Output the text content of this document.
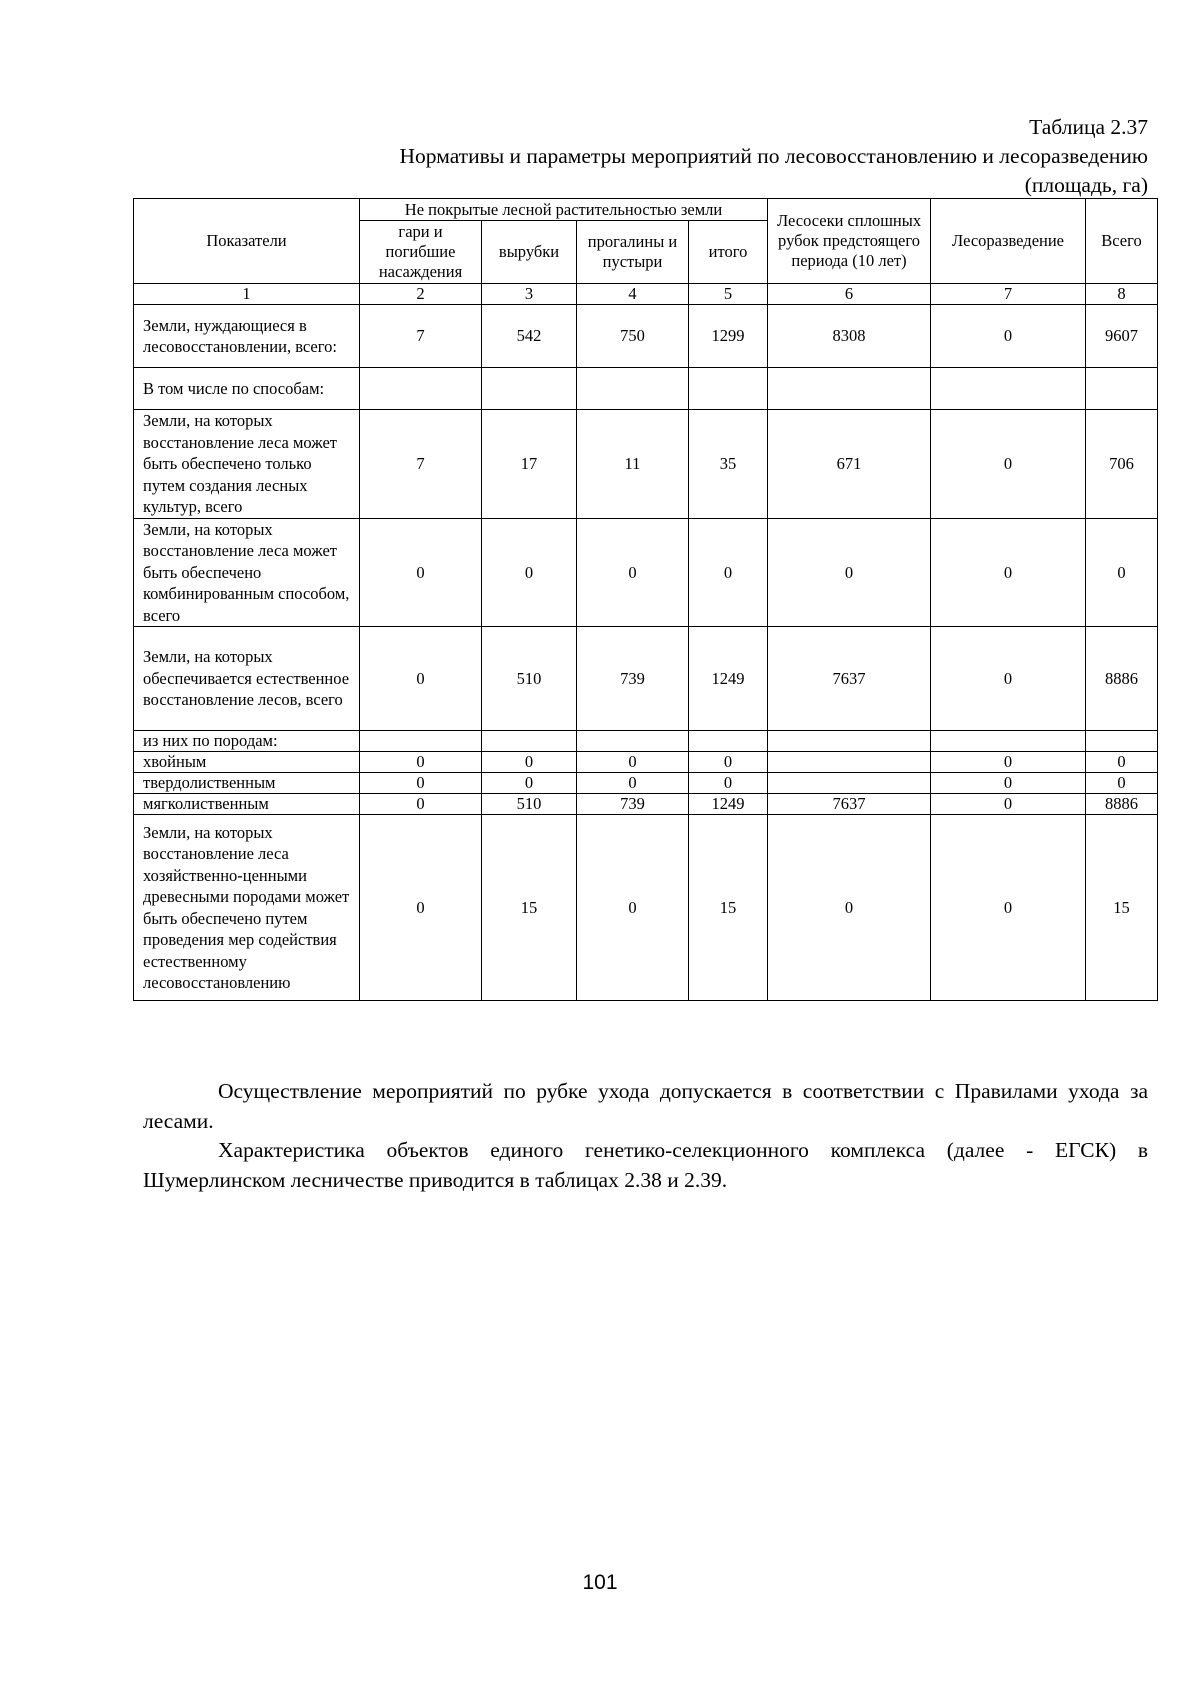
Таблица 2.37
Нормативы и параметры мероприятий по лесовосстановлению и лесоразведению
(площадь, га)
Показатели	Не покрытые лесной растительностью земли				Лесосеки сплошных рубок предстоящего периода (10 лет)	Лесоразведение	Всего
	гари и погибшие насаждения	вырубки	прогалины и пустыри	итого			
1	2	3	4	5	6	7	8
Земли, нуждающиеся в лесовосстановлении, всего:	7	542	750	1299	8308	0	9607
В том числе по способам:							
Земли, на которых восстановление леса может быть обеспечено только путем создания лесных культур, всего	7	17	11	35	671	0	706
Земли, на которых восстановление леса может быть обеспечено комбинированным способом, всего	0	0	0	0	0	0	0
Земли, на которых обеспечивается естественное восстановление лесов, всего	0	510	739	1249	7637	0	8886
из них по породам:							
хвойным	0	0	0	0		0	0
твердолиственным	0	0	0	0		0	0
мягколиственным	0	510	739	1249	7637	0	8886
Земли, на которых восстановление леса хозяйственно-ценными древесными породами может быть обеспечено путем проведения мер содействия естественному лесовосстановлению	0	15	0	15	0	0	15

Осуществление мероприятий по рубке ухода допускается в соответствии с Правилами ухода за лесами.

Характеристика объектов единого генетико-селекционного комплекса (далее - ЕГСК) в Шумерлинском лесничестве приводится в таблицах 2.38 и 2.39.

101
